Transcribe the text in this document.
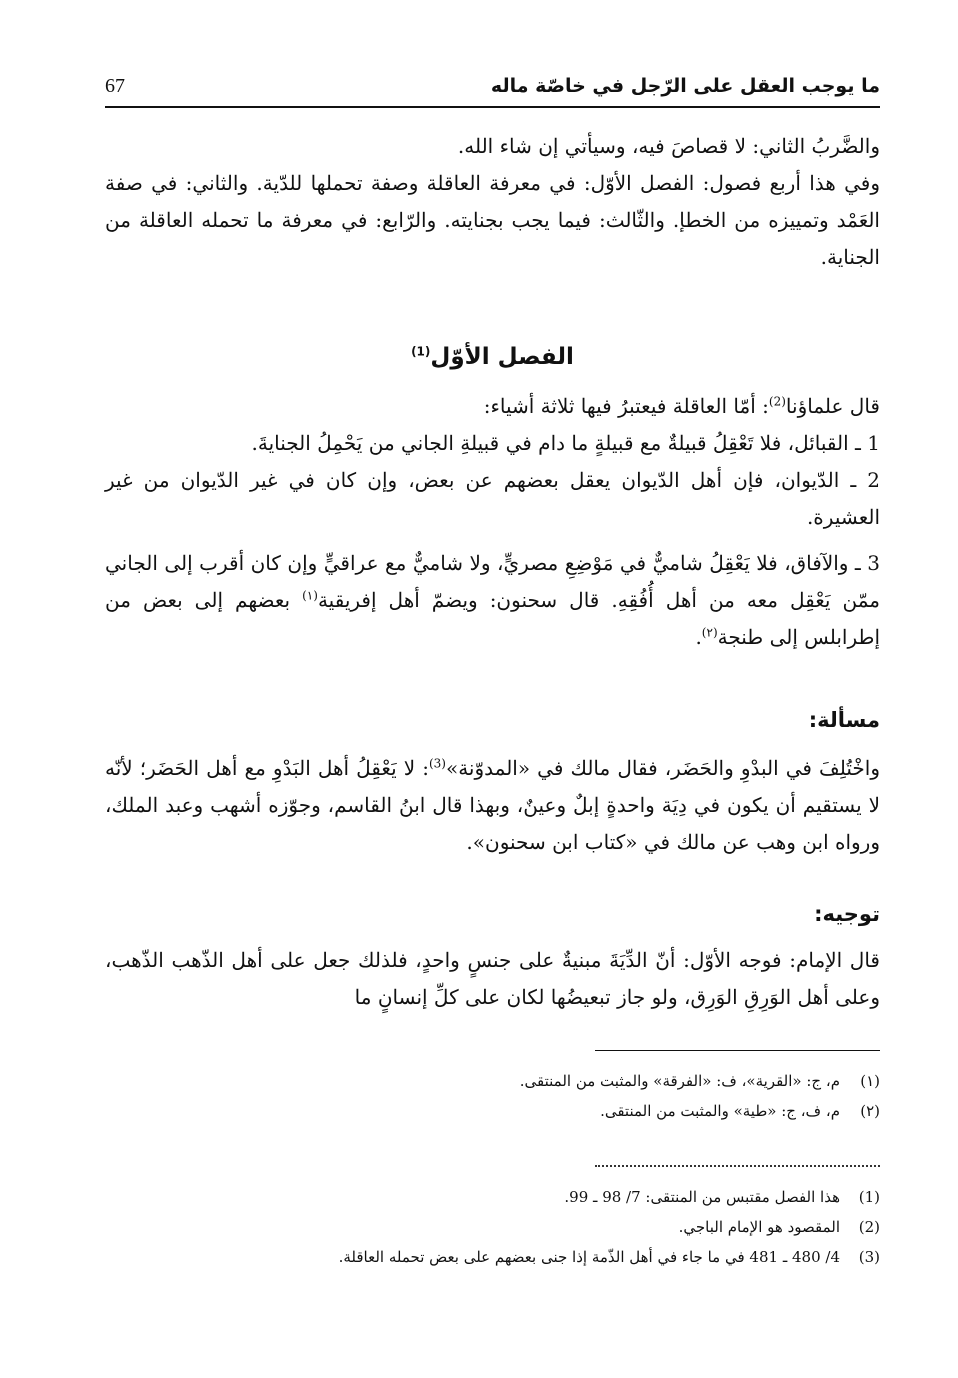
ما يوجب العقل على الرّجل في خاصّة ماله
67

والضَّربُ الثاني: لا قصاصَ فيه، وسيأتي إن شاء الله.

وفي هذا أربع فصول: الفصل الأوّل: في معرفة العاقلة وصفة تحملها للدّية. والثاني: في صفة العَمْد وتمييزه من الخطإ. والثّالث: فيما يجب بجنايته. والرّابع: في معرفة ما تحمله العاقلة من الجناية.

الفصل الأوّل$^{(1)}$

قال علماؤنا$^{(2)}$: أمّا العاقلة فيعتبرُ فيها ثلاثة أشياء:

1 ـ القبائل، فلا تَعْقِلُ قبيلةٌ مع قبيلةٍ ما دام في قبيلةِ الجاني من يَحْمِلُ الجنايةَ.

2 ـ الدّيوان، فإن أهل الدّيوان يعقل بعضهم عن بعض، وإن كان في غير الدّيوان من غير العشيرة.

3 ـ والآفاق، فلا يَعْقِلُ شاميٌّ في مَوْضِعِ مصريٍّ، ولا شاميٌّ مع عراقيٍّ وإن كان أقرب إلى الجاني ممّن يَعْقِل معه من أهل أُفُقِهِ. قال سحنون: ويضمّ أهل إفريقية$^{(١)}$ بعضهم إلى بعض من إطرابلس إلى طنجة$^{(٢)}$.

مسألة:

واخْتُلِفَ في البدْوِ والحَضَر، فقال مالك في «المدوّنة»$^{(3)}$: لا يَعْقِلُ أهل البَدْوِ مع أهل الحَضَر؛ لأنّه لا يستقيم أن يكون في دِيَة واحدةٍ إبلٌ وعينٌ، وبهذا قال ابنُ القاسم، وجوّزه أشهب وعبد الملك، ورواه ابن وهب عن مالك في «كتاب ابن سحنون».

توجيه:

قال الإمام: فوجه الأوّل: أنّ الدِّيَةَ مبنيةٌ على جنسٍ واحدٍ، فلذلك جعل على أهل الذّهب الذّهب، وعلى أهل الوَرِقِ الوَرِق، ولو جاز تبعيضُها لكان على كلِّ إنسانٍ ما

(١)
م، ج: «القرية»، ف: «الفرقة» والمثبت من المنتقى.
(٢)
م، ف، ج: «طية» والمثبت من المنتقى.
(1)
هذا الفصل مقتبس من المنتقى: 7/ 98 ـ 99.
(2)
المقصود هو الإمام الباجي.
(3)
4/ 480 ـ 481 في ما جاء في أهل الذّمة إذا جنى بعضهم على بعض تحمله العاقلة.
